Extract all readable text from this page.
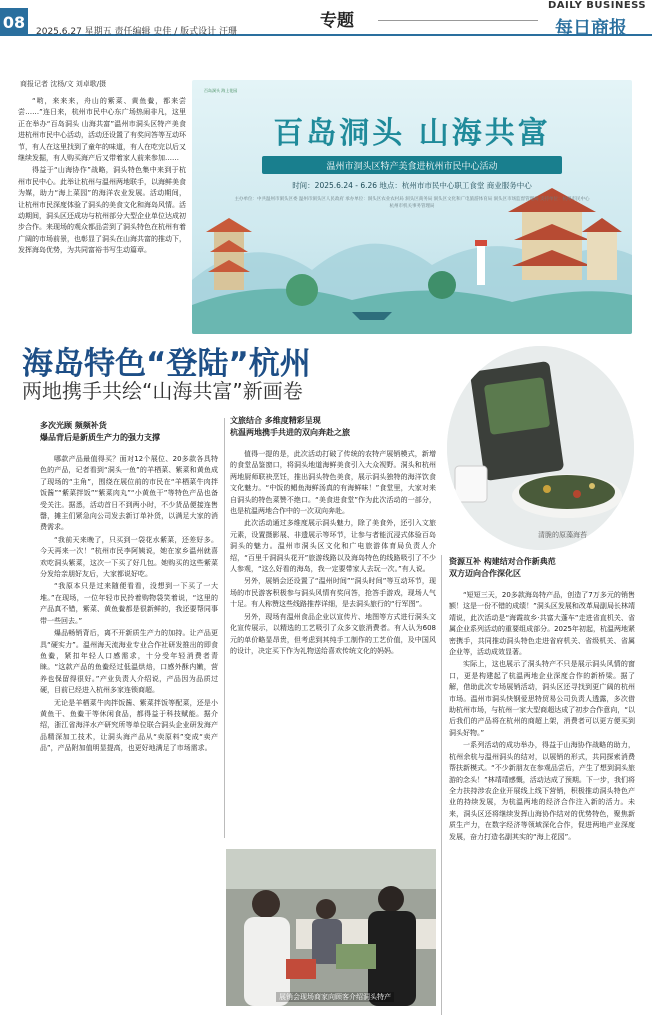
08	专题
DAILY BUSINESS
每日商报
2025.6.27 星期五 责任编辑 史佳 / 版式设计 汪珊
商报记者 沈杨/文 刘卓歌/摄

“哟，来来来，舟山的紫菜、黄鱼鲞，都来尝尝……”连日来，杭州市民中心东广场热闹非凡，这里正在举办“百岛洞头 山海共富”温州市洞头区特产美食进杭州市民中心活动，活动还设置了有奖问答等互动环节，有人在这里找到了童年的味道，有人在吃完以后又继续发掘，有人购买海产后又带着家人前来参加……

得益于“山海协作”战略，洞头特色集中来到于杭州市民中心。此举让杭州与温州两地联手，以海鲜美食为媒，助力“海上菜园”的海洋农业发展。活动期间，让杭州市民深度体验了洞头的美食文化和海岛风情。活动期间，洞头区还成功与杭州部分大型企业单位达成初步合作。来现场的观众都品尝到了洞头特色在杭州有着广阔的市场前景，也彰显了洞头在山海共富的推动下，发挥海岛优势，为共同富裕书写生动篇章。

百岛洞头 海上花园
百岛洞头 山海共富
温州市洞头区特产美食进杭州市民中心活动
时间：2025.6.24 - 6.26 地点：杭州市市民中心职工食堂 商业服务中心
主办单位：中共温州市洞头区委 温州市洞头区人民政府 承办单位：洞头区农业农村局 洞头区商务局 洞头区文化和广电旅游体育局 洞头区市场监督管理局 支持单位：杭州市民中心 杭州市机关事务管理局
海岛特色“登陆”杭州
两地携手共绘“山海共富”新画卷
清脆的原藻海苔
多次光顾 频频补货
爆品背后是新质生产力的强力支撑

哪款产品最值得买？面对12个展位、20多款各具特色的产品，记者看到“洞头一鱼”的羊栖菜、紫菜和黄鱼成了现场的“主角”，围绕在展位前的市民在“羊栖菜牛肉拌饭酱”“紫菜拌饭”“紫菜肉丸”“小黄鱼干”等特色产品也备受关注。据悉，活动首日不到两小时，不少货品便接连售罄，摊主们紧急向公司发去新订单补货，以满足大家的消费需求。

“我前天来晚了，只买到一袋花水紫菜，还差好多。今天再来一次！”杭州市民李阿姨说，她在家乡温州就喜欢吃洞头紫菜，这次一下买了好几包。她购买的这些紫菜分发给亲朋好友后，大家都说好吃。

“我原本只是过来随便看看，没想到一下买了一大堆。”在现场，一位年轻市民拎着购物袋笑着说，“这里的产品真不错，紫菜、黄鱼鲞都是很新鲜的，我还要帮同事带一些回去。”

爆品畅销背后，离不开新质生产力的加持。让产品更具“硬实力”。温州海天流海业专业合作社研发推出的即食鱼鲞，紧扣年轻人口感需求，十分受年轻消费者青睐。“这款产品的鱼鲞经过低温烘焙，口感外酥内嫩，营养也保留得很好。”产业负责人介绍说，产品因为品质过硬，目前已经进入杭州多家连锁商超。

无论是羊栖菜牛肉拌饭酱、紫菜拌饭等配菜，还是小黄鱼干、鱼鲞干等休闲食品，都得益于科技赋能。据介绍，浙江省海洋水产研究所等单位联合洞头企业研发海产品精深加工技术，让洞头海产品从“卖原料”变成“卖产品”，产品附加值明显提高，也更好地满足了市场需求。

文旅结合 多维度精彩呈现
杭温两地携手共进的双向奔赴之旅

值得一提的是，此次活动打破了传统的农特产展销模式，新增的食堂品鉴窗口，将洞头地道海鲜美食引入大众视野。洞头和杭州两地厨师联袂烹饪，推出洞头特色美食，展示洞头独特的海洋饮食文化魅力。“中饭的鲳鱼海鲜汤真的有海鲜味！”食堂里，大家对来自洞头的特色菜赞不绝口。“美食进食堂”作为此次活动的一部分，也是杭温两地合作中的一次双向奔赴。

此次活动通过多维度展示洞头魅力，除了美食外，还引入文旅元素，设置摄影展、非遗展示等环节，让参与者能沉浸式体验百岛洞头的魅力。温州市洞头区文化和广电旅游体育局负责人介绍，“百里千洞洞头花开”旅游线路以及海岛特色的线路吸引了不少人参观，“这么好看的海岛，我一定要带家人去玩一次。”有人说。

另外，展销会还设置了“温州时间”“洞头时间”等互动环节，现场的市民游客积极参与洞头风情有奖问答，抢答手游戏，现场人气十足。有人称赞这些线路推荐详细，是去洞头旅行的“行军图”。

另外，现场有温州食品企业以宣传片、地图等方式进行洞头文化宣传展示，以精选的工艺吸引了众多文旅消费者。有人认为608元的单价略显昂贵，但考虑到其纯手工制作的工艺价值，及中国风的设计，决定买下作为礼物送给喜欢传统文化的妈妈。

资源互补 构建结对合作新典范
双方迈向合作深化区

“短短三天，20多款海岛特产品，创造了7万多元的销售额！这是一份不错的成绩！”洞头区发展和改革局副局长林靖靖说，此次活动是“海霞故乡·共富大蓬车”走进省直机关、省属企业系列活动的重要组成部分。2025年初起，杭温两地紧密携手，共同推动洞头特色走进省府机关、省级机关、省属企业等，活动成效显著。

实际上，这也展示了洞头特产不只是展示洞头风情的窗口，更是构建起了杭温两地企业深度合作的新桥梁。据了解，借助此次专场展销活动，洞头区还寻找到更广阔的杭州市场。温州市洞头快钢爱思特贸易公司负责人透露，多次借助杭州市场，与杭州一家大型商超达成了初步合作意向，“以后我们的产品将在杭州的商超上架，消费者可以更方便买到洞头好物。”

一系列活动的成功举办，得益于山海协作战略的助力，杭州余杭与温州洞头的结对，以展销的形式，共同探索消费帮扶新模式。“不少新朋友在参观品尝后，产生了想到洞头旅游的念头！”林靖靖感慨，活动达成了预期。下一步，我们将全力扶持涉农企业开展线上线下营销，积极推动洞头特色产业的持续发展，为杭温两地的经济合作注入新的活力。未来，洞头区还将继续发挥山海协作结对的优势特色，聚焦新质生产力，在数字经济等领域深化合作，促进两地产业深度发展，奋力打造名副其实的“海上花园”。

展销会现场商家向顾客介绍洞头特产
